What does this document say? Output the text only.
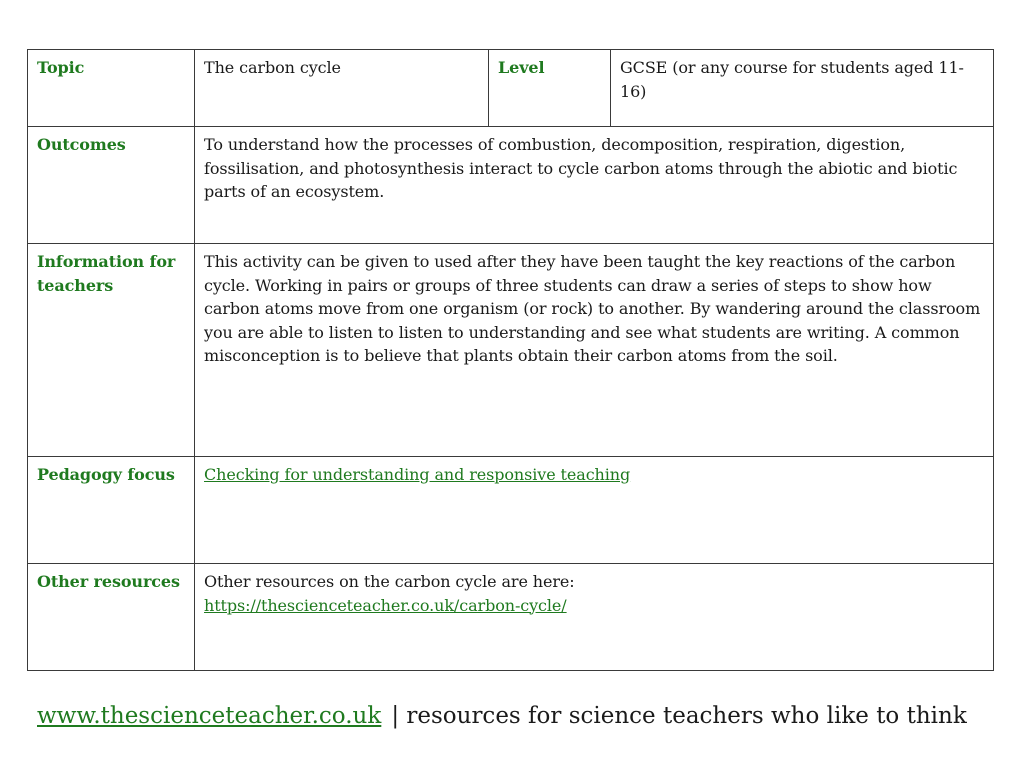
Topic	The carbon cycle	Level	GCSE (or any course for students aged 11-16)
Outcomes	To understand how the processes of combustion, decomposition, respiration, digestion, fossilisation, and photosynthesis interact to cycle carbon atoms through the abiotic and biotic parts of an ecosystem.		
Information for teachers	This activity can be given to used after they have been taught the key reactions of the carbon cycle. Working in pairs or groups of three students can draw a series of steps to show how carbon atoms move from one organism (or rock) to another. By wandering around the classroom you are able to listen to listen to understanding and see what students are writing. A common misconception is to believe that plants obtain their carbon atoms from the soil.		
Pedagogy focus	Checking for understanding and responsive teaching		
Other resources	Other resources on the carbon cycle are here:
https://thescienceteacher.co.uk/carbon-cycle/		
www.thescienceteacher.co.uk | resources for science teachers who like to think
